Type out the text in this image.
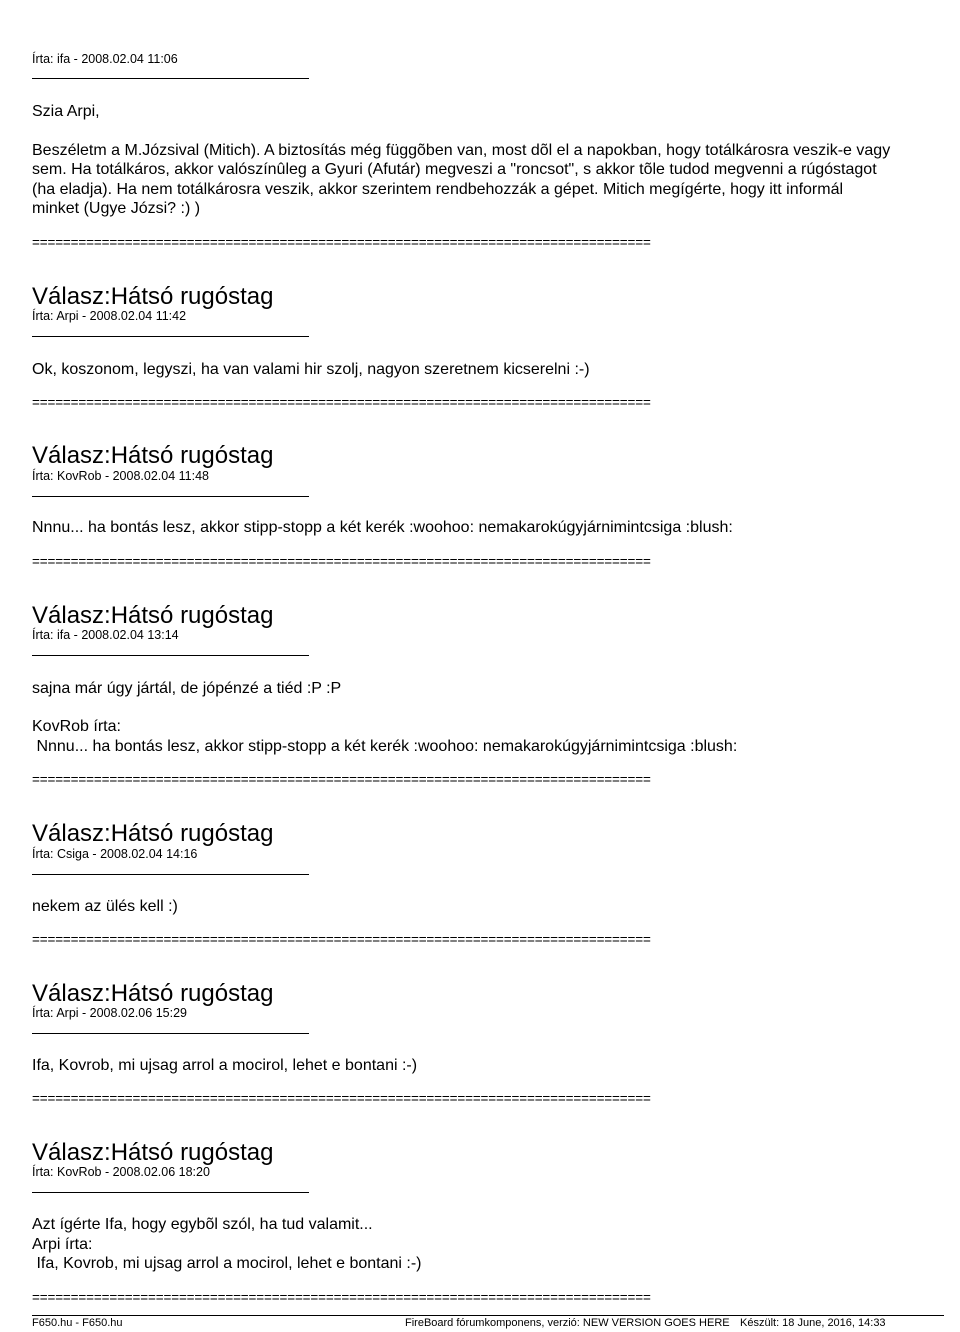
Írta: ifa - 2008.02.04 11:06
Szia Arpi,
Beszéletm a M.Józsival (Mitich). A biztosítás még függõben van, most dõl el a napokban, hogy totálkárosra veszik-e vagy
sem. Ha totálkáros, akkor valószínûleg a Gyuri (Afutár) megveszi a "roncsot", s akkor tõle tudod megvenni a rúgóstagot
(ha eladja). Ha nem totálkárosra veszik, akkor szerintem rendbehozzák a gépet. Mitich megígérte, hogy itt informál
minket (Ugye Józsi? :) )
================================================================================
Válasz:Hátsó rugóstag
Írta: Arpi - 2008.02.04 11:42
Ok, koszonom, legyszi, ha van valami hir szolj, nagyon szeretnem kicserelni :-)
================================================================================
Válasz:Hátsó rugóstag
Írta: KovRob - 2008.02.04 11:48
Nnnu... ha bontás lesz, akkor stipp-stopp a két kerék :woohoo: nemakarokúgyjárnimintcsiga :blush:
================================================================================
Válasz:Hátsó rugóstag
Írta: ifa - 2008.02.04 13:14
sajna már úgy jártál, de jópénzé a tiéd :P :P
KovRob írta:
Nnnu... ha bontás lesz, akkor stipp-stopp a két kerék :woohoo: nemakarokúgyjárnimintcsiga :blush:
================================================================================
Válasz:Hátsó rugóstag
Írta: Csiga - 2008.02.04 14:16
nekem az ülés kell :)
================================================================================
Válasz:Hátsó rugóstag
Írta: Arpi - 2008.02.06 15:29
Ifa, Kovrob, mi ujsag arrol a mocirol, lehet e bontani :-)
================================================================================
Válasz:Hátsó rugóstag
Írta: KovRob - 2008.02.06 18:20
Azt ígérte Ifa, hogy egybõl szól, ha tud valamit...
Arpi írta:
Ifa, Kovrob, mi ujsag arrol a mocirol, lehet e bontani :-)
================================================================================
F650.hu - F650.hu	FireBoard fórumkomponens, verzió: NEW VERSION GOES HERE Készült: 18 June, 2016, 14:33
